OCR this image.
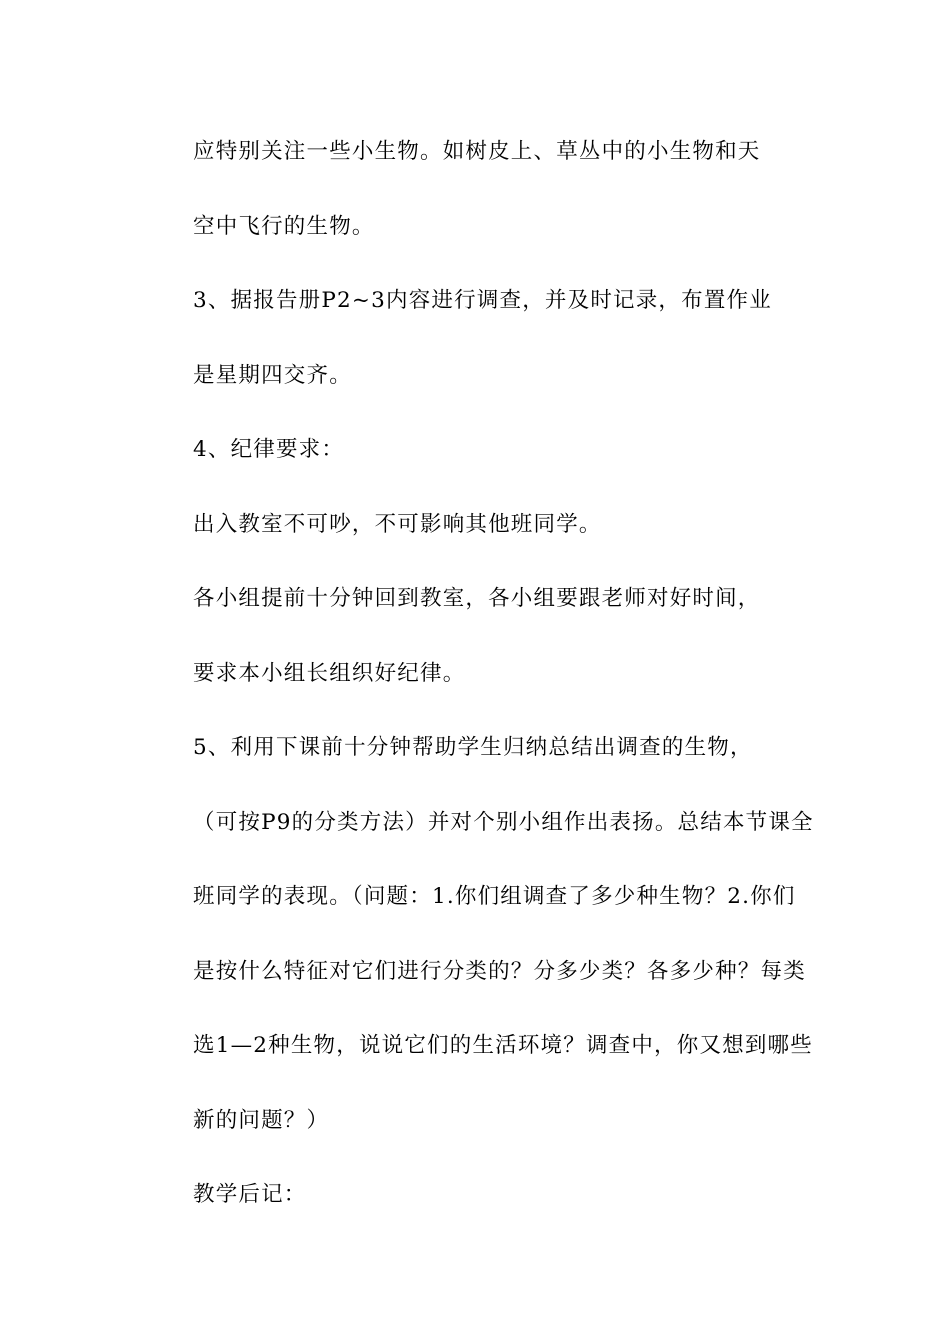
应特别关注一些小生物。如树皮上、草丛中的小生物和天
空中飞行的生物。

3、据报告册P2~3内容进行调查，并及时记录，布置作业
是星期四交齐。

4、纪律要求：

出入教室不可吵，不可影响其他班同学。

各小组提前十分钟回到教室，各小组要跟老师对好时间，
要求本小组长组织好纪律。

5、利用下课前十分钟帮助学生归纳总结出调查的生物，
（可按P9的分类方法）并对个别小组作出表扬。总结本节课全
班同学的表现。（问题：1.你们组调查了多少种生物？2.你们
是按什么特征对它们进行分类的？分多少类？各多少种？每类
选1—2种生物，说说它们的生活环境？调查中，你又想到哪些
新的问题？）

教学后记：
